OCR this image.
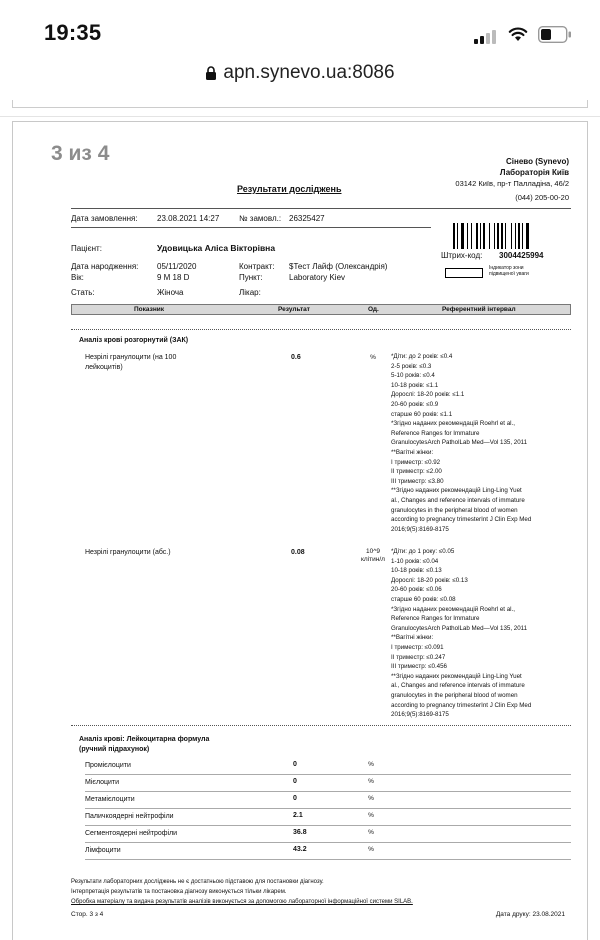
19:35
apn.synevo.ua:8086
3 из 4	Сінево (Synevo)
Лабораторія Київ
03142 Київ, пр-т Палладіна, 46/2
(044) 205-00-20
Результати досліджень
Дата замовлення: 23.08.2021 14:27 № замовл.: 26325427
Пацієнт:	Удовицька Аліса Вікторівна
Дата народження: 05/11/2020	Контракт: $Тест Лайф (Олександрія)
Вік:	9 M 18 D	Пункт:	Laboratory Kiev
Стать:	Жіноча	Лікар:
Штрих-код: 3004425994
Індикатор зони підвищеної уваги
Показник	Результат	Од.	Референтний інтервал
Аналіз крові розгорнутий (ЗАК)
Незрілі гранулоцити (на 100
лейкоцитів)
0.6	%	*Діти: до 2 років: ≤0.4
2-5 років: ≤0.3
5-10 років: ≤0.4
10-18 років: ≤1.1
Дорослі: 18-20 років: ≤1.1
20-60 років: ≤0.9
старше 60 років: ≤1.1
*Згідно наданих рекомендацій Roehrl et al.,
Reference Ranges for Immature
GranulocytesArch PatholLab Med—Vol 135, 2011
**Вагітні жінки:
I триместр: ≤0.92
II триместр: ≤2.00
III триместр: ≤3.80
**Згідно наданих рекомендацій Ling-Ling Yuet
al., Changes and reference intervals of immature
granulocytes in the peripheral blood of women
according to pregnancy trimesterInt J Clin Exp Med
2016;9(5):8169-8175
Незрілі гранулоцити (абс.)	0.08	10^9
клітин/л
*Діти: до 1 року: ≤0.05
1-10 років: ≤0.04
10-18 років: ≤0.13
Дорослі: 18-20 років: ≤0.13
20-60 років: ≤0.06
старше 60 років: ≤0.08
*Згідно наданих рекомендацій Roehrl et al.,
Reference Ranges for Immature
GranulocytesArch PatholLab Med—Vol 135, 2011
**Вагітні жінки:
I триместр: ≤0.091
II триместр: ≤0.247
III триместр: ≤0.456
**Згідно наданих рекомендацій Ling-Ling Yuet
al., Changes and reference intervals of immature
granulocytes in the peripheral blood of women
according to pregnancy trimesterInt J Clin Exp Med
2016;9(5):8169-8175
Аналіз крові: Лейкоцитарна формула
(ручний підрахунок)
Промієлоцити	0	%
Мієлоцити	0	%
Метамієлоцити	0	%
Паличкоядерні нейтрофіли	2.1	%
Сегментоядерні нейтрофіли	36.8	%
Лімфоцити	43.2	%
Результати лабораторних досліджень не є достатньою підставою для постановки діагнозу.
Інтерпретація результатів та постановка діагнозу виконується тільки лікарем.
Обробка матеріалу та видача результатів аналізів виконується за допомогою лабораторної інформаційної системи SILAB.
Стор. 3 з 4	Дата друку: 23.08.2021
